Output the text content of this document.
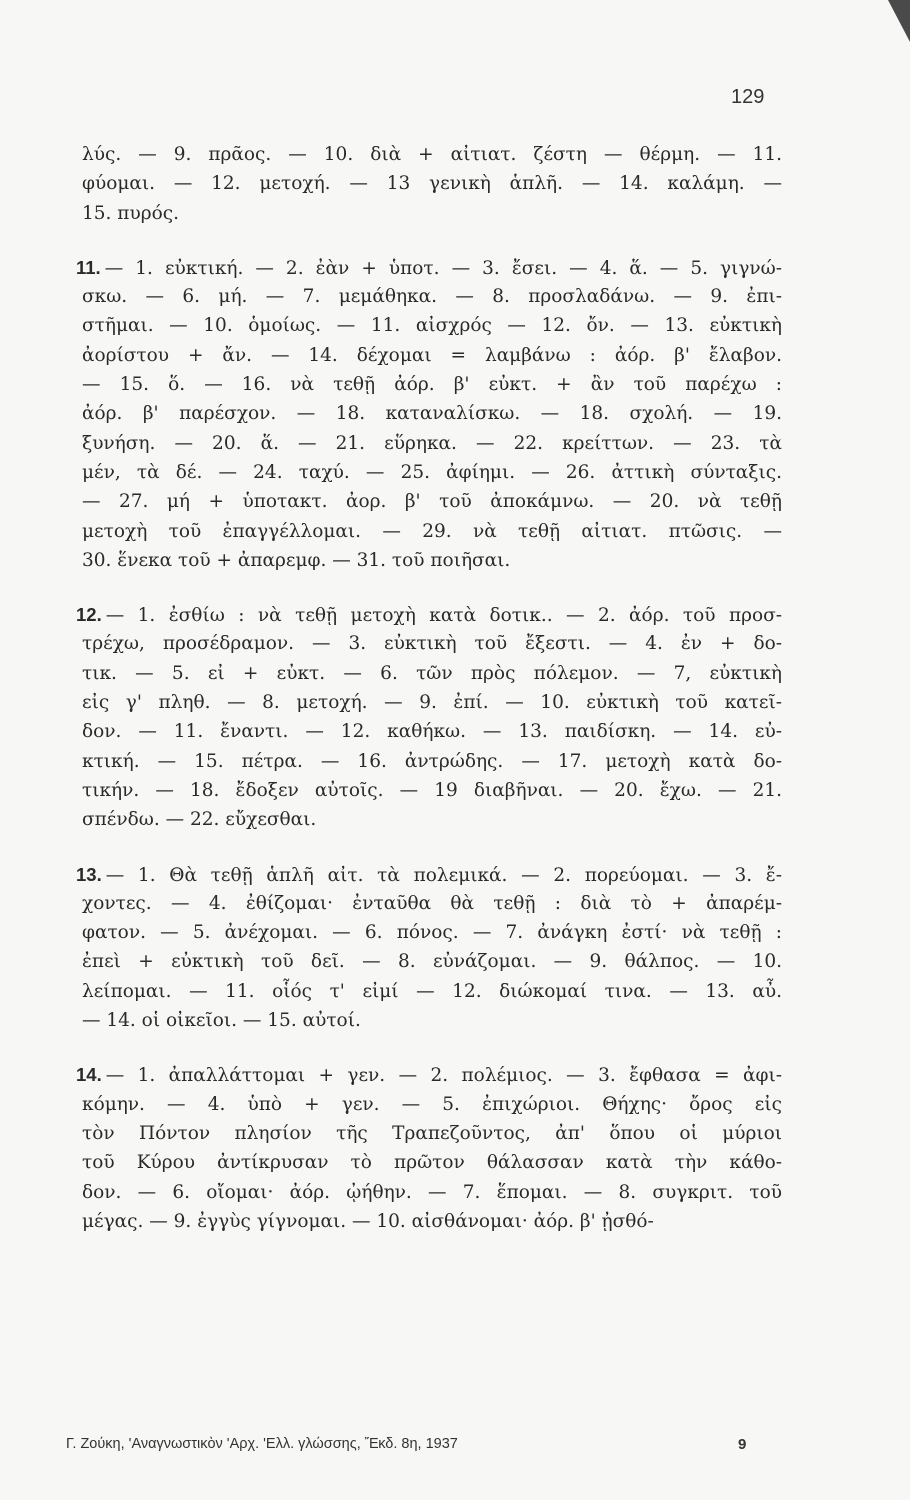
129
λύς. — 9. πρᾶος. — 10. διὰ + αἰτιατ. ζέστη — θέρμη. — 11.
φύομαι. — 12. μετοχή. — 13 γενικὴ ἁπλῆ. — 14. καλάμη. —
15. πυρός.
11. — 1. εὐκτική. — 2. ἐὰν + ὑποτ. — 3. ἔσει. — 4. ἅ. — 5. γιγνώ-
σκω. — 6. μή. — 7. μεμάθηκα. — 8. προσλαδάνω. — 9. ἐπι-
στῆμαι. — 10. ὁμοίως. — 11. αἰσχρός — 12. ὄν. — 13. εὐκτικὴ
ἀορίστου + ἄν. — 14. δέχομαι = λαμβάνω : ἀόρ. β' ἔλαβον.
— 15. ὅ. — 16. νὰ τεθῇ ἀόρ. β' εὐκτ. + ἂν τοῦ παρέχω :
ἀόρ. β' παρέσχον. — 18. καταναλίσκω. — 18. σχολή. — 19.
ξυνήση. — 20. ἅ. — 21. εὕρηκα. — 22. κρείττων. — 23. τὰ
μέν, τὰ δέ. — 24. ταχύ. — 25. ἀφίημι. — 26. ἀττικὴ σύνταξις.
— 27. μή + ὑποτακτ. ἀορ. β' τοῦ ἀποκάμνω. — 20. νὰ τεθῇ
μετοχὴ τοῦ ἐπαγγέλλομαι. — 29. νὰ τεθῇ αἰτιατ. πτῶσις. —
30. ἕνεκα τοῦ + ἀπαρεμφ. — 31. τοῦ ποιῆσαι.
12. — 1. ἐσθίω : νὰ τεθῇ μετοχὴ κατὰ δοτικ.. — 2. ἀόρ. τοῦ προσ-
τρέχω, προσέδραμον. — 3. εὐκτικὴ τοῦ ἔξεστι. — 4. ἐν + δο-
τικ. — 5. εἰ + εὐκτ. — 6. τῶν πρὸς πόλεμον. — 7, εὐκτικὴ
εἰς γ' πληθ. — 8. μετοχή. — 9. ἐπί. — 10. εὐκτικὴ τοῦ κατεῖ-
δον. — 11. ἔναντι. — 12. καθήκω. — 13. παιδίσκη. — 14. εὐ-
κτική. — 15. πέτρα. — 16. ἀντρώδης. — 17. μετοχὴ κατὰ δο-
τικήν. — 18. ἔδοξεν αὐτοῖς. — 19 διαβῆναι. — 20. ἔχω. — 21.
σπένδω. — 22. εὔχεσθαι.
13. — 1. Θὰ τεθῇ ἁπλῆ αἰτ. τὰ πολεμικά. — 2. πορεύομαι. — 3. ἔ-
χοντες. — 4. ἐθίζομαι· ἐνταῦθα θὰ τεθῇ : διὰ τὸ + ἀπαρέμ-
φατον. — 5. ἀνέχομαι. — 6. πόνος. — 7. ἀνάγκη ἐστί· νὰ τεθῇ :
ἐπεὶ + εὐκτικὴ τοῦ δεῖ. — 8. εὐνάζομαι. — 9. θάλπος. — 10.
λείπομαι. — 11. οἷός τ' εἰμί — 12. διώκομαί τινα. — 13. αὖ.
— 14. οἱ οἰκεῖοι. — 15. αὐτοί.
14. — 1. ἀπαλλάττομαι + γεν. — 2. πολέμιος. — 3. ἔφθασα = ἀφι-
κόμην. — 4. ὑπὸ + γεν. — 5. ἐπιχώριοι. Θήχης· ὄρος εἰς
τὸν Πόντον πλησίον τῆς Τραπεζοῦντος, ἀπ' ὅπου οἱ μύριοι
τοῦ Κύρου ἀντίκρυσαν τὸ πρῶτον θάλασσαν κατὰ τὴν κάθο-
δον. — 6. οἴομαι· ἀόρ. ᾠήθην. — 7. ἕπομαι. — 8. συγκριτ. τοῦ
μέγας. — 9. ἐγγὺς γίγνομαι. — 10. αἰσθάνομαι· ἀόρ. β' ᾐσθό-
Γ. Ζούκη, 'Αναγνωστικὸν 'Αρχ. 'Ελλ. γλώσσης, Ἔκδ. 8η, 1937	9
